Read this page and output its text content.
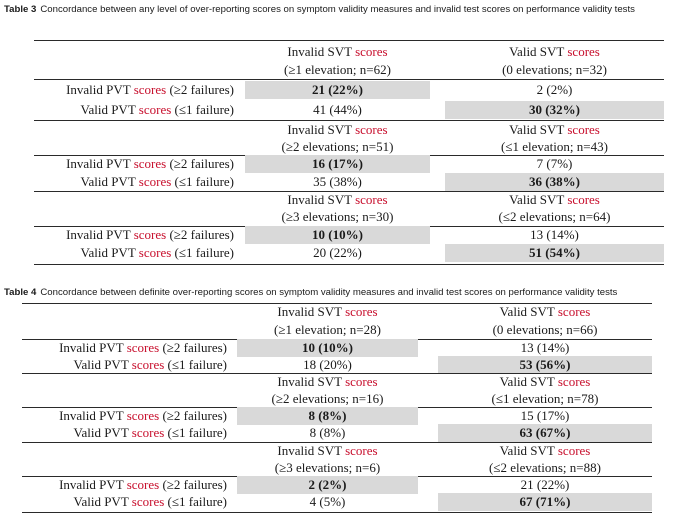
Table 3 Concordance between any level of over-reporting scores on symptom validity measures and invalid test scores on performance validity tests
Invalid SVT scores
(≥1 elevation; n=62)
Valid SVT scores
(0 elevations; n=32)
Invalid PVT scores (≥2 failures)	21 (22%)	2 (2%)
Valid PVT scores (≤1 failure)	41 (44%)	30 (32%)
Invalid SVT scores
(≥2 elevations; n=51)
Valid SVT scores
(≤1 elevation; n=43)
Invalid PVT scores (≥2 failures)	16 (17%)	7 (7%)
Valid PVT scores (≤1 failure)	35 (38%)	36 (38%)
Invalid SVT scores
(≥3 elevations; n=30)
Valid SVT scores
(≤2 elevations; n=64)
Invalid PVT scores (≥2 failures)	10 (10%)	13 (14%)
Valid PVT scores (≤1 failure)	20 (22%)	51 (54%)
Table 4 Concordance between definite over-reporting scores on symptom validity measures and invalid test scores on performance validity tests
Invalid SVT scores
(≥1 elevation; n=28)
Valid SVT scores
(0 elevations; n=66)
Invalid PVT scores (≥2 failures)	10 (10%)	13 (14%)
Valid PVT scores (≤1 failure)	18 (20%)	53 (56%)
Invalid SVT scores
(≥2 elevations; n=16)
Valid SVT scores
(≤1 elevation; n=78)
Invalid PVT scores (≥2 failures)	8 (8%)	15 (17%)
Valid PVT scores (≤1 failure)	8 (8%)	63 (67%)
Invalid SVT scores
(≥3 elevations; n=6)
Valid SVT scores
(≤2 elevations; n=88)
Invalid PVT scores (≥2 failures)	2 (2%)	21 (22%)
Valid PVT scores (≤1 failure)	4 (5%)	67 (71%)
